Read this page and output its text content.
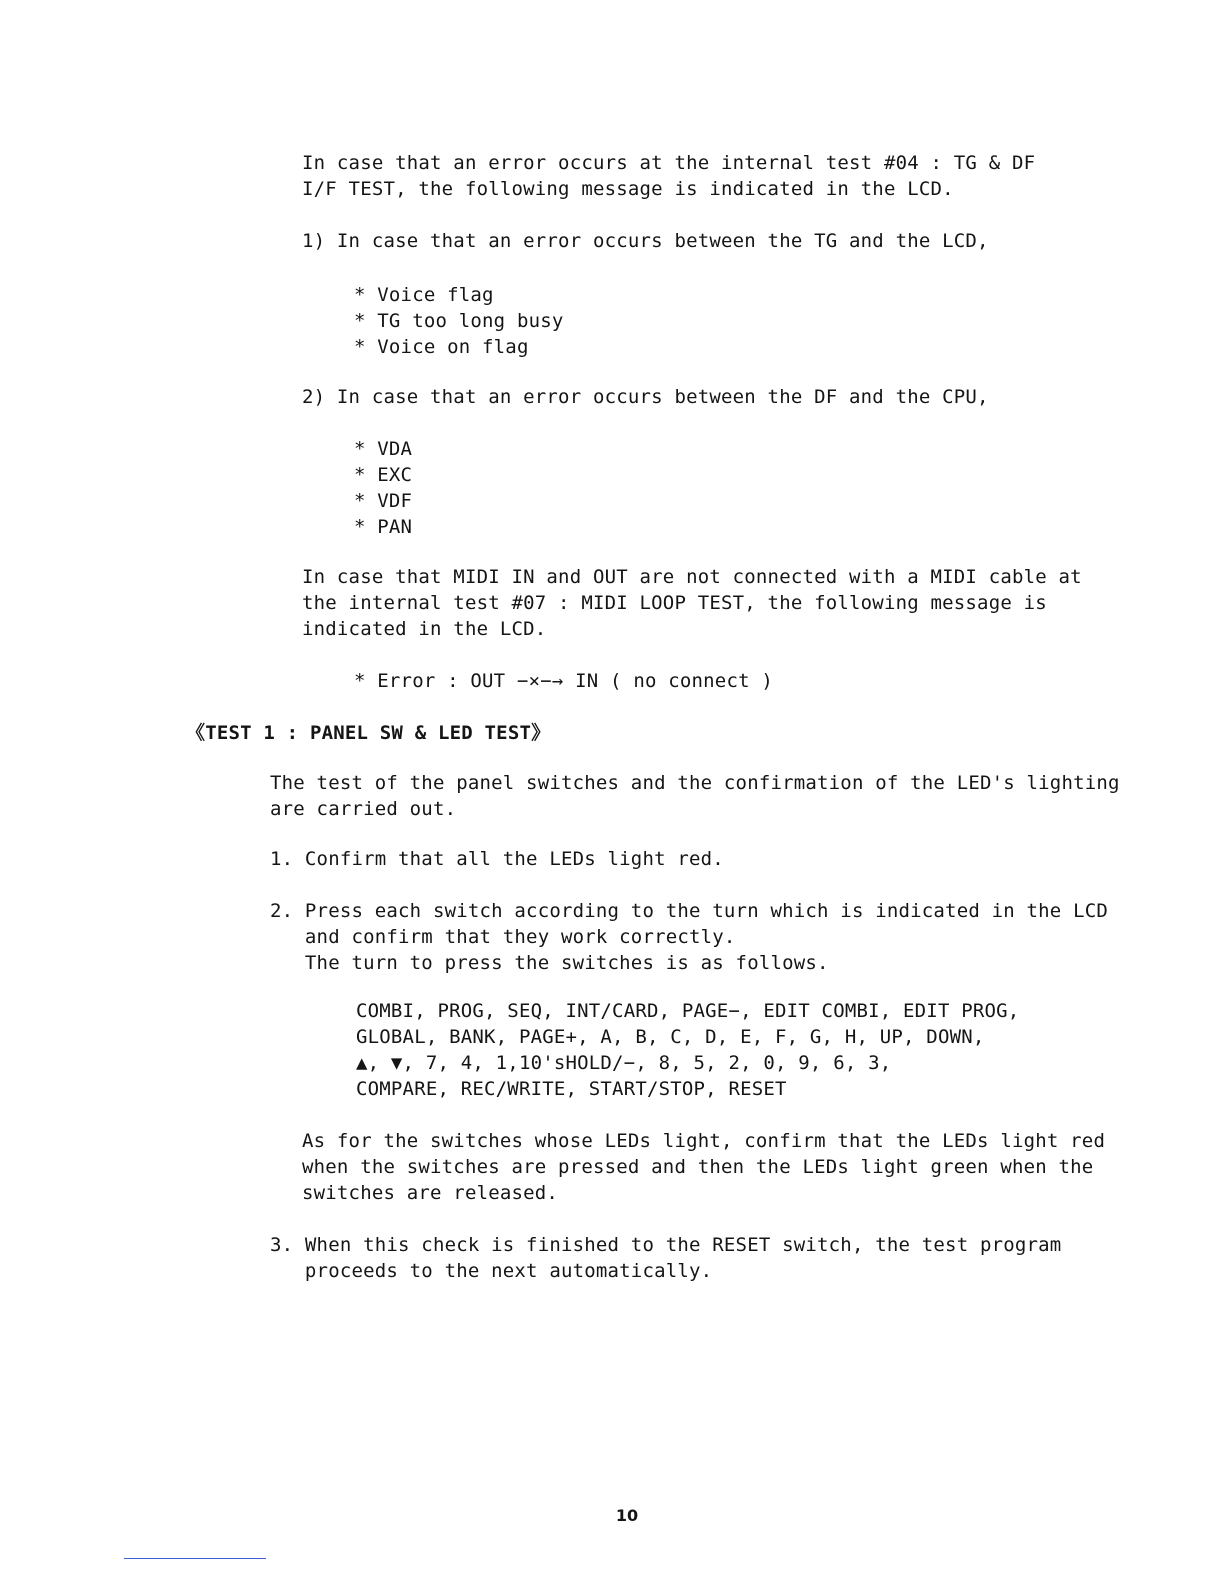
In case that an error occurs at the internal test #04 : TG & DF
I/F TEST, the following message is indicated in the LCD.
1) In case that an error occurs between the TG and the LCD,
* Voice flag
* TG too long busy
* Voice on flag
2) In case that an error occurs between the DF and the CPU,
* VDA
* EXC
* VDF
* PAN
In case that MIDI IN and OUT are not connected with a MIDI cable at
the internal test #07 : MIDI LOOP TEST, the following message is
indicated in the LCD.
* Error : OUT −×−→ IN ( no connect )
《TEST 1 : PANEL SW & LED TEST》
The test of the panel switches and the confirmation of the LED's lighting
are carried out.
1. Confirm that all the LEDs light red.
2. Press each switch according to the turn which is indicated in the LCD
and confirm that they work correctly.
The turn to press the switches is as follows.
COMBI, PROG, SEQ, INT/CARD, PAGE−, EDIT COMBI, EDIT PROG,
GLOBAL, BANK, PAGE+, A, B, C, D, E, F, G, H, UP, DOWN,
▲, ▼, 7, 4, 1,10'sHOLD/−, 8, 5, 2, 0, 9, 6, 3,
COMPARE, REC/WRITE, START/STOP, RESET
As for the switches whose LEDs light, confirm that the LEDs light red
when the switches are pressed and then the LEDs light green when the
switches are released.
3. When this check is finished to the RESET switch, the test program
proceeds to the next automatically.
10
